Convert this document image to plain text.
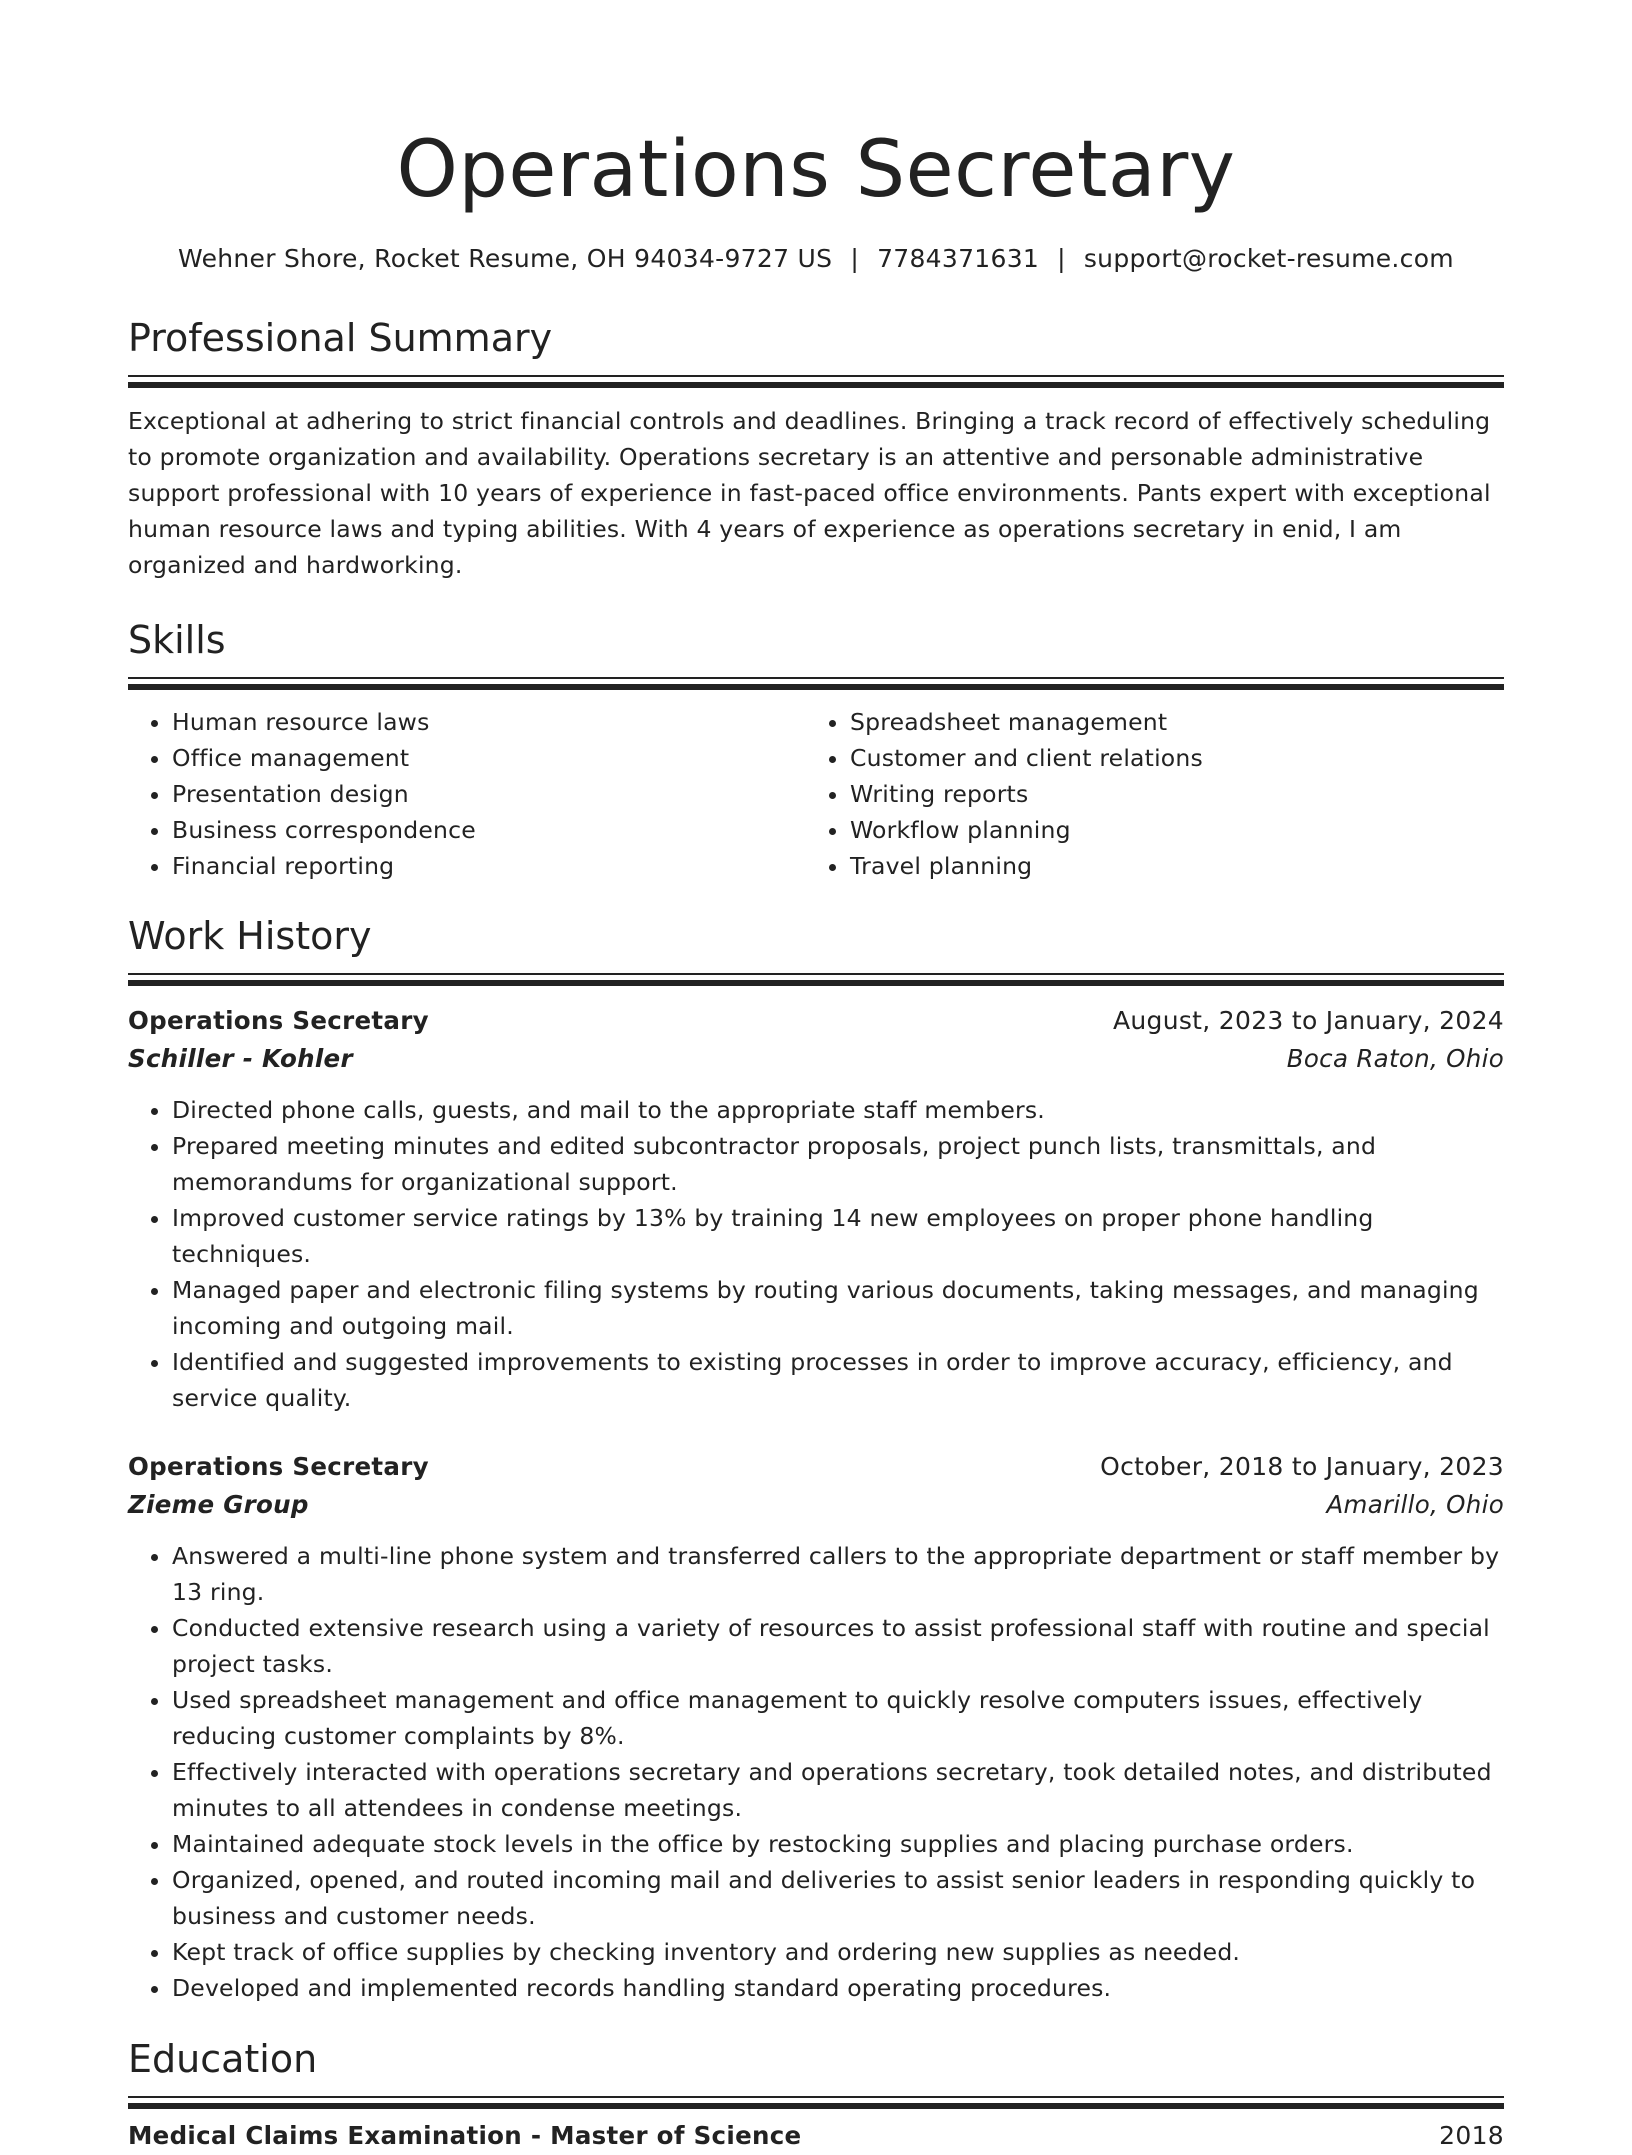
Operations Secretary
Wehner Shore, Rocket Resume, OH 94034-9727 US | 7784371631 | support@rocket-resume.com
Professional Summary
Exceptional at adhering to strict financial controls and deadlines. Bringing a track record of effectively scheduling to promote organization and availability. Operations secretary is an attentive and personable administrative support professional with 10 years of experience in fast-paced office environments. Pants expert with exceptional human resource laws and typing abilities. With 4 years of experience as operations secretary in enid, I am organized and hardworking.
Skills
• Human resource laws
• Office management
• Presentation design
• Business correspondence
• Financial reporting
• Spreadsheet management
• Customer and client relations
• Writing reports
• Workflow planning
• Travel planning
Work History
Operations Secretary	August, 2023 to January, 2024
Schiller - Kohler	Boca Raton, Ohio
• Directed phone calls, guests, and mail to the appropriate staff members.
• Prepared meeting minutes and edited subcontractor proposals, project punch lists, transmittals, and memorandums for organizational support.
• Improved customer service ratings by 13% by training 14 new employees on proper phone handling techniques.
• Managed paper and electronic filing systems by routing various documents, taking messages, and managing incoming and outgoing mail.
• Identified and suggested improvements to existing processes in order to improve accuracy, efficiency, and service quality.
Operations Secretary	October, 2018 to January, 2023
Zieme Group	Amarillo, Ohio
• Answered a multi-line phone system and transferred callers to the appropriate department or staff member by 13 ring.
• Conducted extensive research using a variety of resources to assist professional staff with routine and special project tasks.
• Used spreadsheet management and office management to quickly resolve computers issues, effectively reducing customer complaints by 8%.
• Effectively interacted with operations secretary and operations secretary, took detailed notes, and distributed minutes to all attendees in condense meetings.
• Maintained adequate stock levels in the office by restocking supplies and placing purchase orders.
• Organized, opened, and routed incoming mail and deliveries to assist senior leaders in responding quickly to business and customer needs.
• Kept track of office supplies by checking inventory and ordering new supplies as needed.
• Developed and implemented records handling standard operating procedures.
Education
Medical Claims Examination - Master of Science	2018
